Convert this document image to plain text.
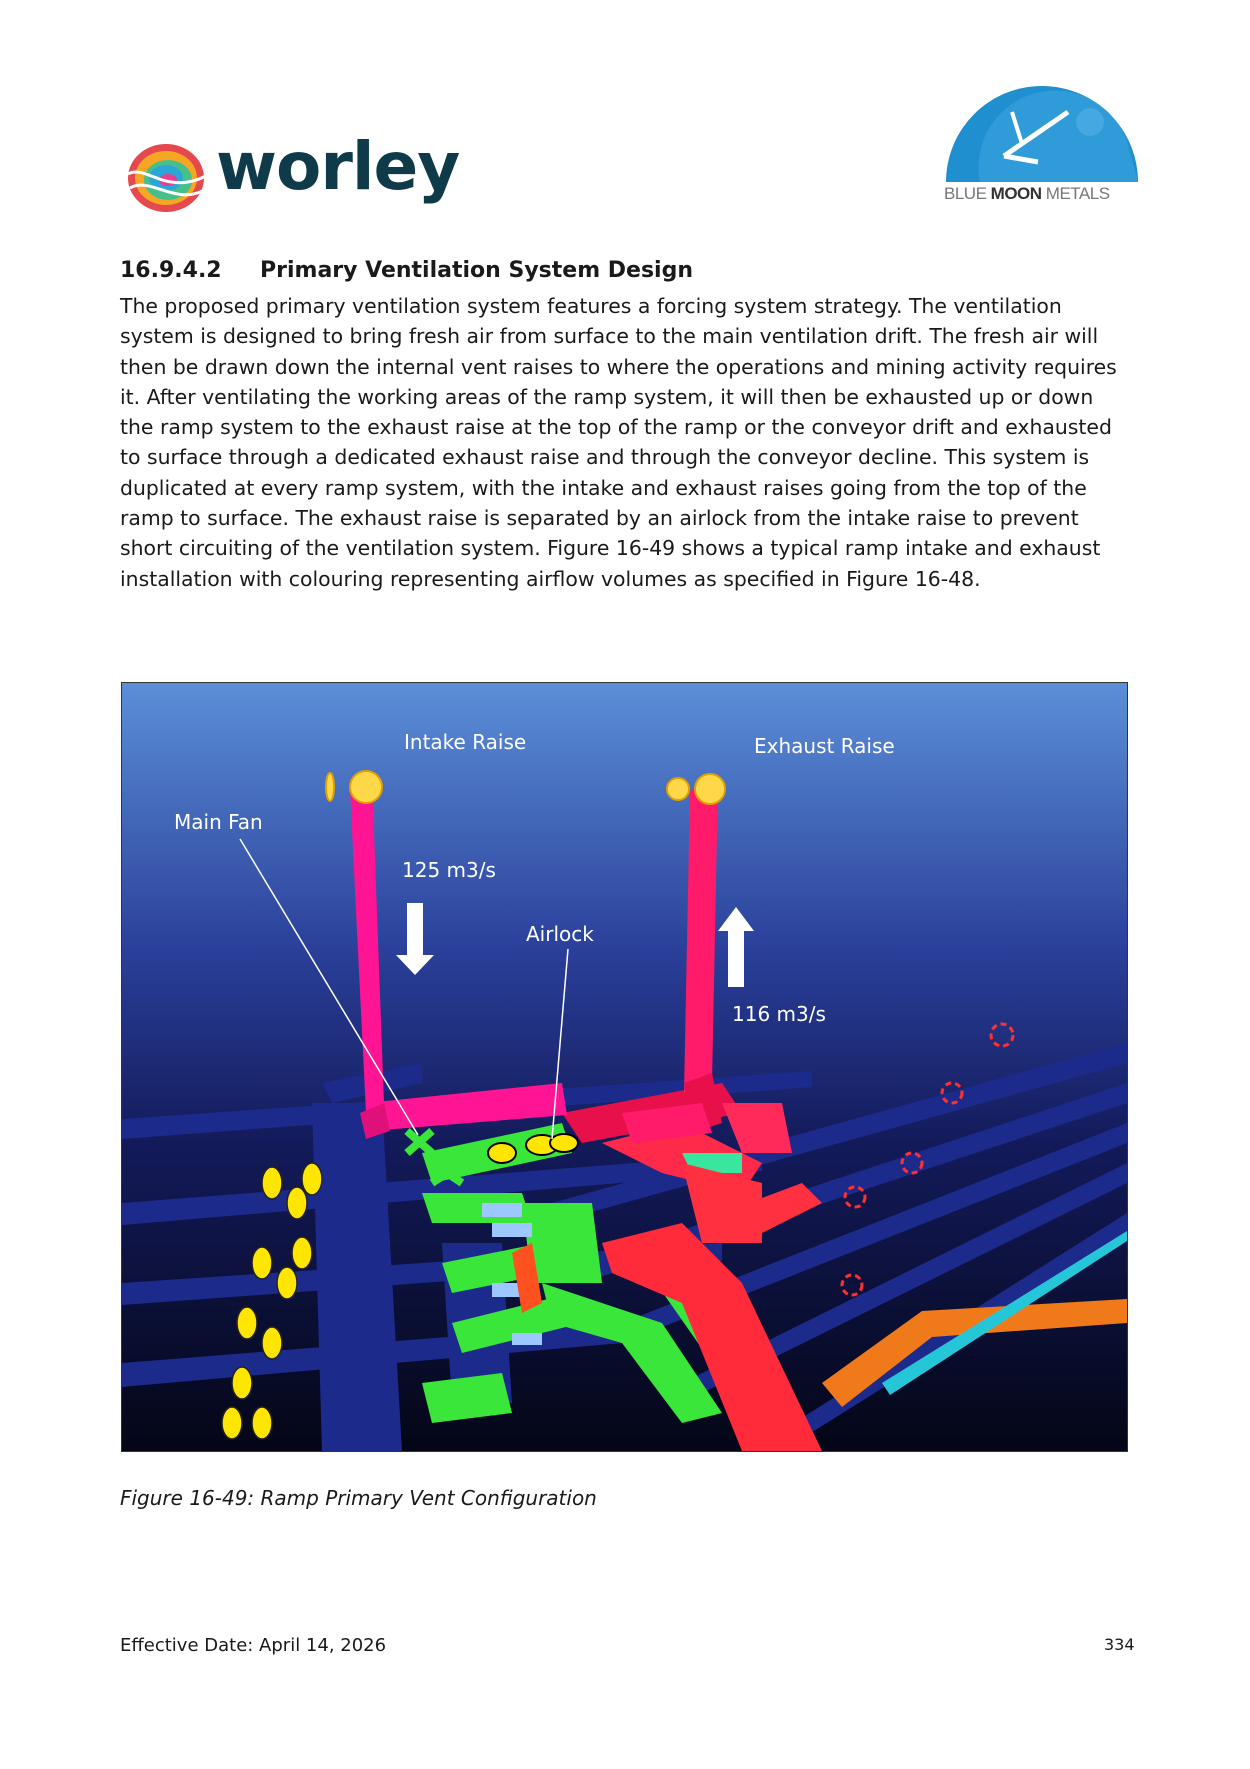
worley	BLUE MOON METALS
16.9.4.2 Primary Ventilation System Design

The proposed primary ventilation system features a forcing system strategy. The ventilation system is designed to bring fresh air from surface to the main ventilation drift. The fresh air will then be drawn down the internal vent raises to where the operations and mining activity requires it. After ventilating the working areas of the ramp system, it will then be exhausted up or down the ramp system to the exhaust raise at the top of the ramp or the conveyor drift and exhausted to surface through a dedicated exhaust raise and through the conveyor decline. This system is duplicated at every ramp system, with the intake and exhaust raises going from the top of the ramp to surface. The exhaust raise is separated by an airlock from the intake raise to prevent short circuiting of the ventilation system. Figure 16-49 shows a typical ramp intake and exhaust installation with colouring representing airflow volumes as specified in Figure 16-48.

Intake Raise	Exhaust Raise
Main Fan
125 m3/s
Airlock
116 m3/s
Figure 16-49: Ramp Primary Vent Configuration
Effective Date: April 14, 2026	334
